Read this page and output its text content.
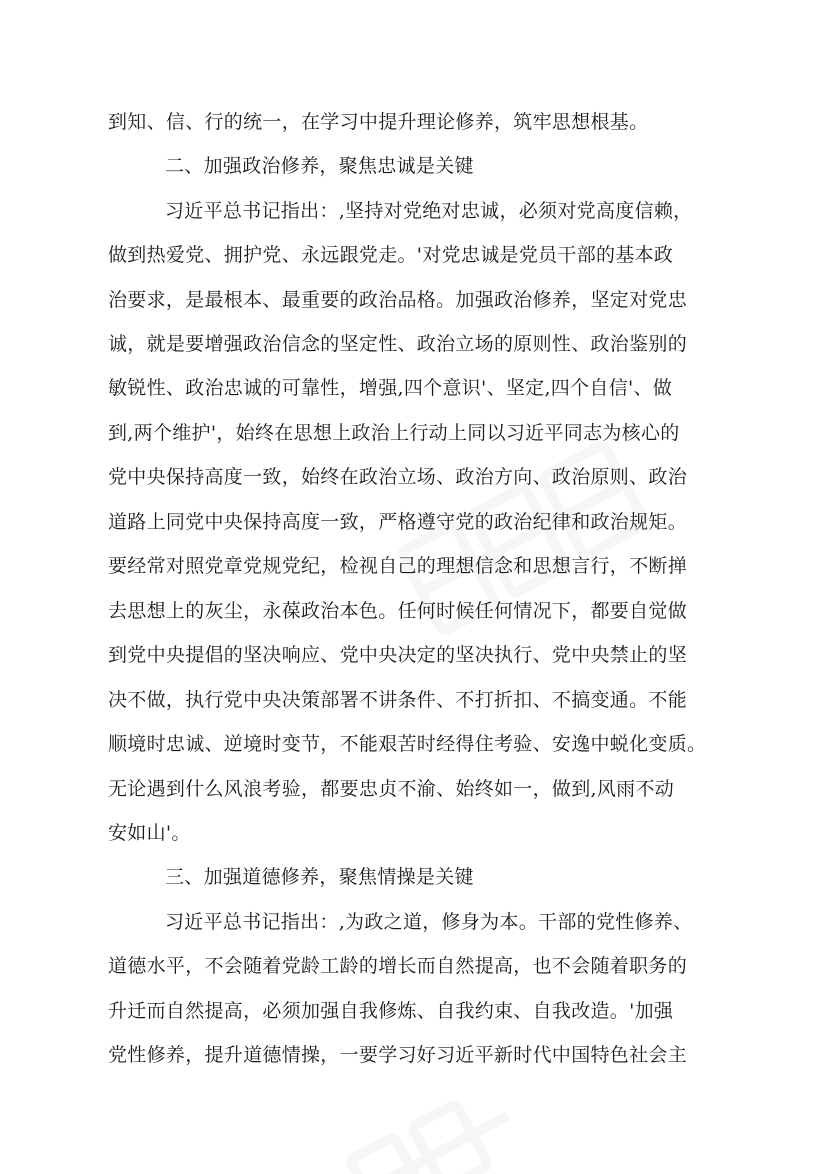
到知、信、行的统一，在学习中提升理论修养，筑牢思想根基。
二、加强政治修养，聚焦忠诚是关键
习近平总书记指出：,坚持对党绝对忠诚，必须对党高度信赖，
做到热爱党、拥护党、永远跟党走。'对党忠诚是党员干部的基本政
治要求，是最根本、最重要的政治品格。加强政治修养，坚定对党忠
诚，就是要增强政治信念的坚定性、政治立场的原则性、政治鉴别的
敏锐性、政治忠诚的可靠性，增强,四个意识'、坚定,四个自信'、做
到,两个维护'，始终在思想上政治上行动上同以习近平同志为核心的
党中央保持高度一致，始终在政治立场、政治方向、政治原则、政治
道路上同党中央保持高度一致，严格遵守党的政治纪律和政治规矩。
要经常对照党章党规党纪，检视自己的理想信念和思想言行，不断掸
去思想上的灰尘，永葆政治本色。任何时候任何情况下，都要自觉做
到党中央提倡的坚决响应、党中央决定的坚决执行、党中央禁止的坚
决不做，执行党中央决策部署不讲条件、不打折扣、不搞变通。不能
顺境时忠诚、逆境时变节，不能艰苦时经得住考验、安逸中蜕化变质。
无论遇到什么风浪考验，都要忠贞不渝、始终如一，做到,风雨不动
安如山'。
三、加强道德修养，聚焦情操是关键
习近平总书记指出：,为政之道，修身为本。干部的党性修养、
道德水平，不会随着党龄工龄的增长而自然提高，也不会随着职务的
升迁而自然提高，必须加强自我修炼、自我约束、自我改造。'加强
党性修养，提升道德情操，一要学习好习近平新时代中国特色社会主
